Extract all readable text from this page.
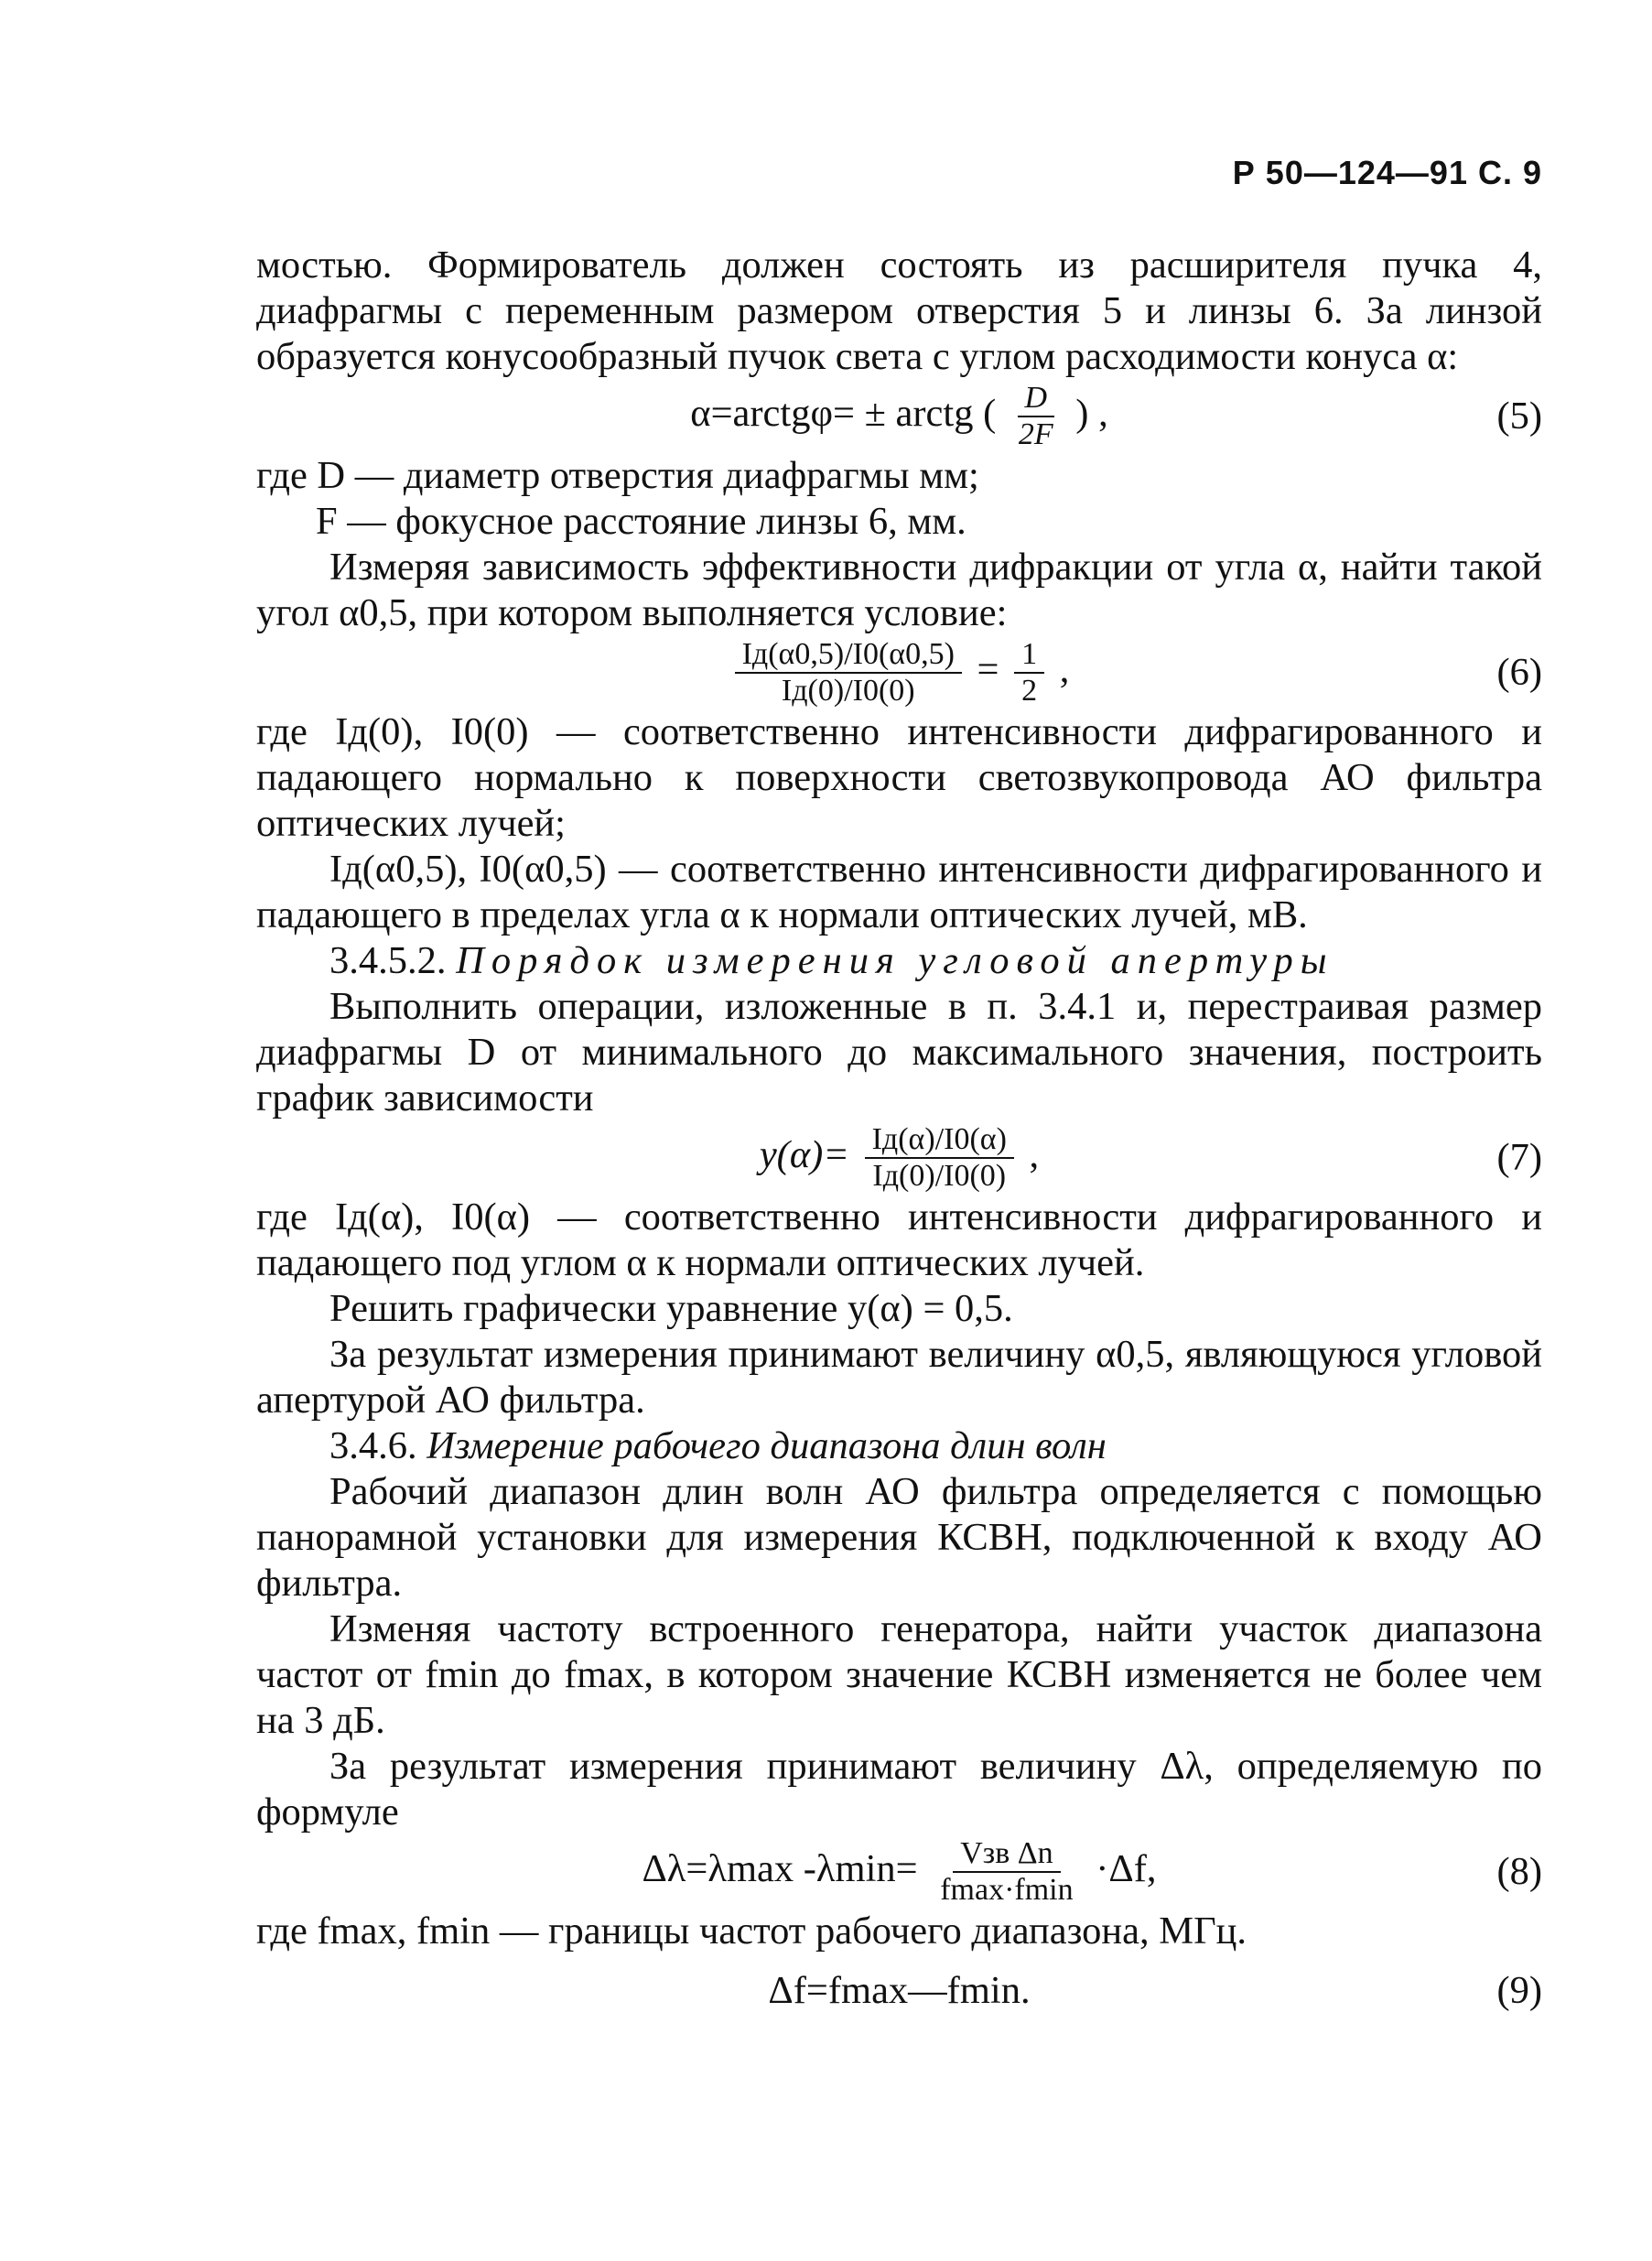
Р 50—124—91 С. 9

мостью. Формирователь должен состоять из расширителя пучка 4, диафрагмы с переменным размером отверстия 5 и линзы 6. За линзой образуется конусообразный пучок света с углом расходимости конуса α:

α=arctgφ= ± arctg ( $\frac{D}{2F}$ ) ,	(5)

где D — диаметр отверстия диафрагмы мм;

F — фокусное расстояние линзы 6, мм.

Измеряя зависимость эффективности дифракции от угла α, найти такой угол α0,5, при котором выполняется условие:

$\frac{Iд(\alpha 0,5)/I0(\alpha 0,5)}{Iд(0)/I0(0)} = \frac{1}{2}$ ,	(6)

где Iд(0), I0(0) — соответственно интенсивности дифрагированного и падающего нормально к поверхности светозвукопровода АО фильтра оптических лучей;

Iд(α0,5), I0(α0,5) — соответственно интенсивности дифрагированного и падающего в пределах угла α к нормали оптических лучей, мВ.

3.4.5.2. Порядок измерения угловой апертуры

Выполнить операции, изложенные в п. 3.4.1 и, перестраивая размер диафрагмы D от минимального до максимального значения, построить график зависимости

$y(\alpha)= \frac{Iд(\alpha)/I0(\alpha)}{Iд(0)/I0(0)}$ ,	(7)

где Iд(α), I0(α) — соответственно интенсивности дифрагированного и падающего под углом α к нормали оптических лучей.

Решить графически уравнение y(α) = 0,5.

За результат измерения принимают величину α0,5, являющуюся угловой апертурой АО фильтра.

3.4.6. Измерение рабочего диапазона длин волн

Рабочий диапазон длин волн АО фильтра определяется с помощью панорамной установки для измерения КСВН, подключенной к входу АО фильтра.

Изменяя частоту встроенного генератора, найти участок диапазона частот от fmin до fmax, в котором значение КСВН изменяется не более чем на 3 дБ.

За результат измерения принимают величину Δλ, определяемую по формуле

Δλ=λmax $-\lambda\min= \frac{\text{Vзв Δn}}{fmax\cdot fmin} \cdot\Delta f$,	(8)

где fmax, fmin — границы частот рабочего диапазона, МГц.

Δf=fmax—fmin.	(9)
